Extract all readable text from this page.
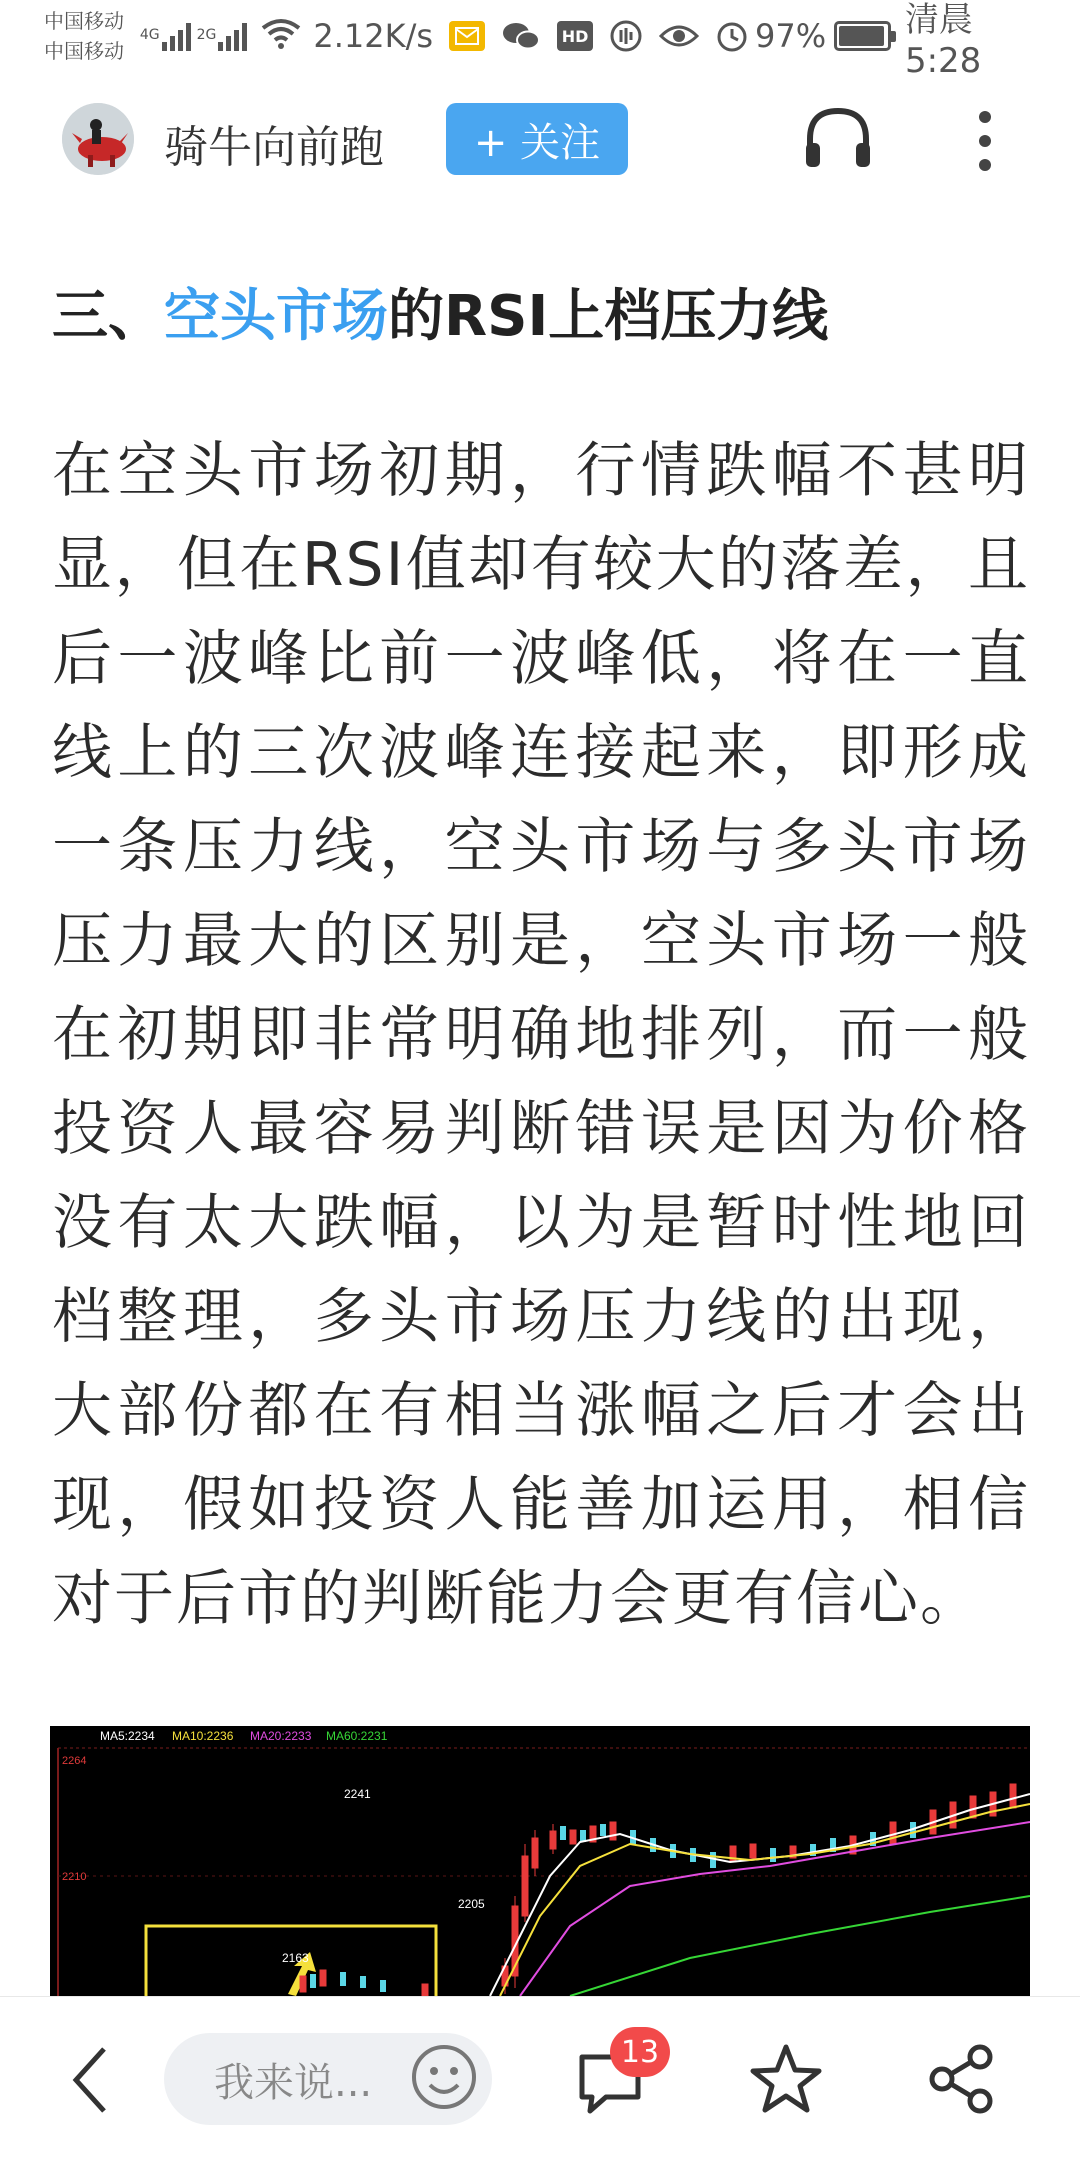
中国移动
中国移动
4G	2G	2.12K/s	HD	97% 清晨5:28
骑牛向前跑	+ 关注
三、空头市场的RSI上档压力线

在空头市场初期，行情跌幅不甚明显，但在RSI值却有较大的落差，且后一波峰比前一波峰低，将在一直线上的三次波峰连接起来，即形成一条压力线，空头市场与多头市场压力最大的区别是，空头市场一般在初期即非常明确地排列，而一般投资人最容易判断错误是因为价格没有太大跌幅，以为是暂时性地回档整理，多头市场压力线的出现，大部份都在有相当涨幅之后才会出现，假如投资人能善加运用，相信对于后市的判断能力会更有信心。

MA5:2234 MA10:2236 MA20:2233 MA60:2231
2264
2210
2241
2205
2163
我来说...
13
